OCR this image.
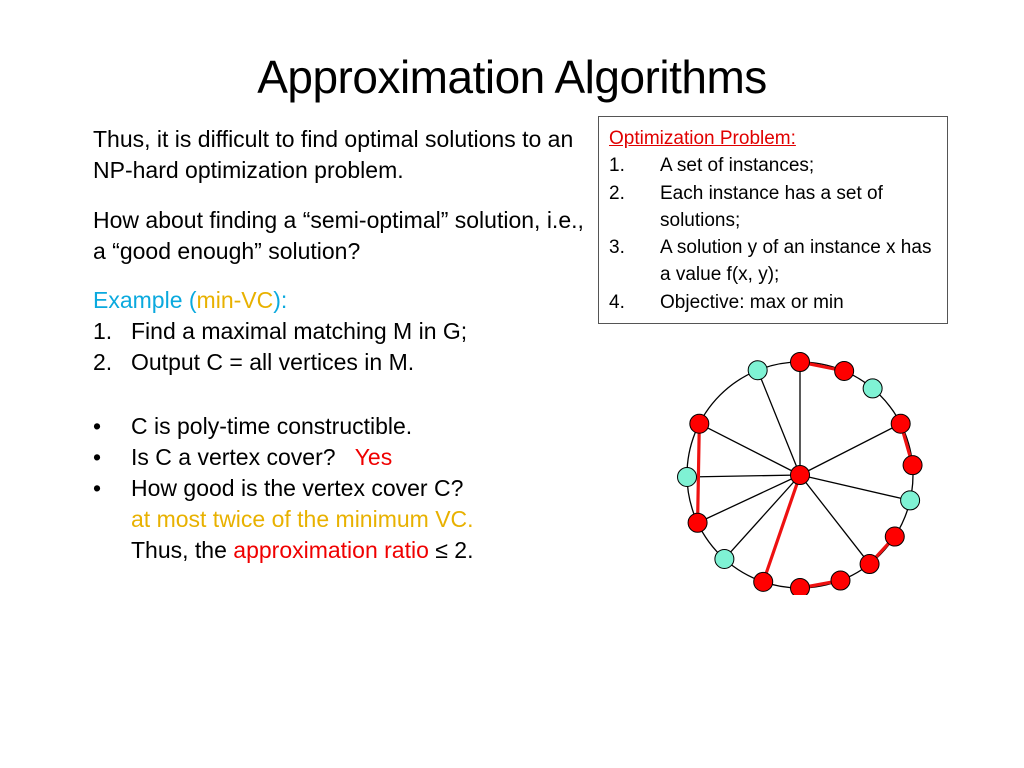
Approximation Algorithms

Thus, it is difficult to find optimal solutions to an NP-hard optimization problem.

How about finding a “semi-optimal” solution, i.e., a “good enough” solution?

Example (min-VC):
1. Find a maximal matching M in G;
2. Output C = all vertices in M.
• C is poly-time constructible.
• Is C a vertex cover? Yes
• How good is the vertex cover C?
at most twice of the minimum VC.
Thus, the approximation ratio ≤ 2.
Optimization Problem:
1. A set of instances;
2. Each instance has a set of solutions;
3. A solution y of an instance x has a value f(x, y);
4. Objective: max or min
